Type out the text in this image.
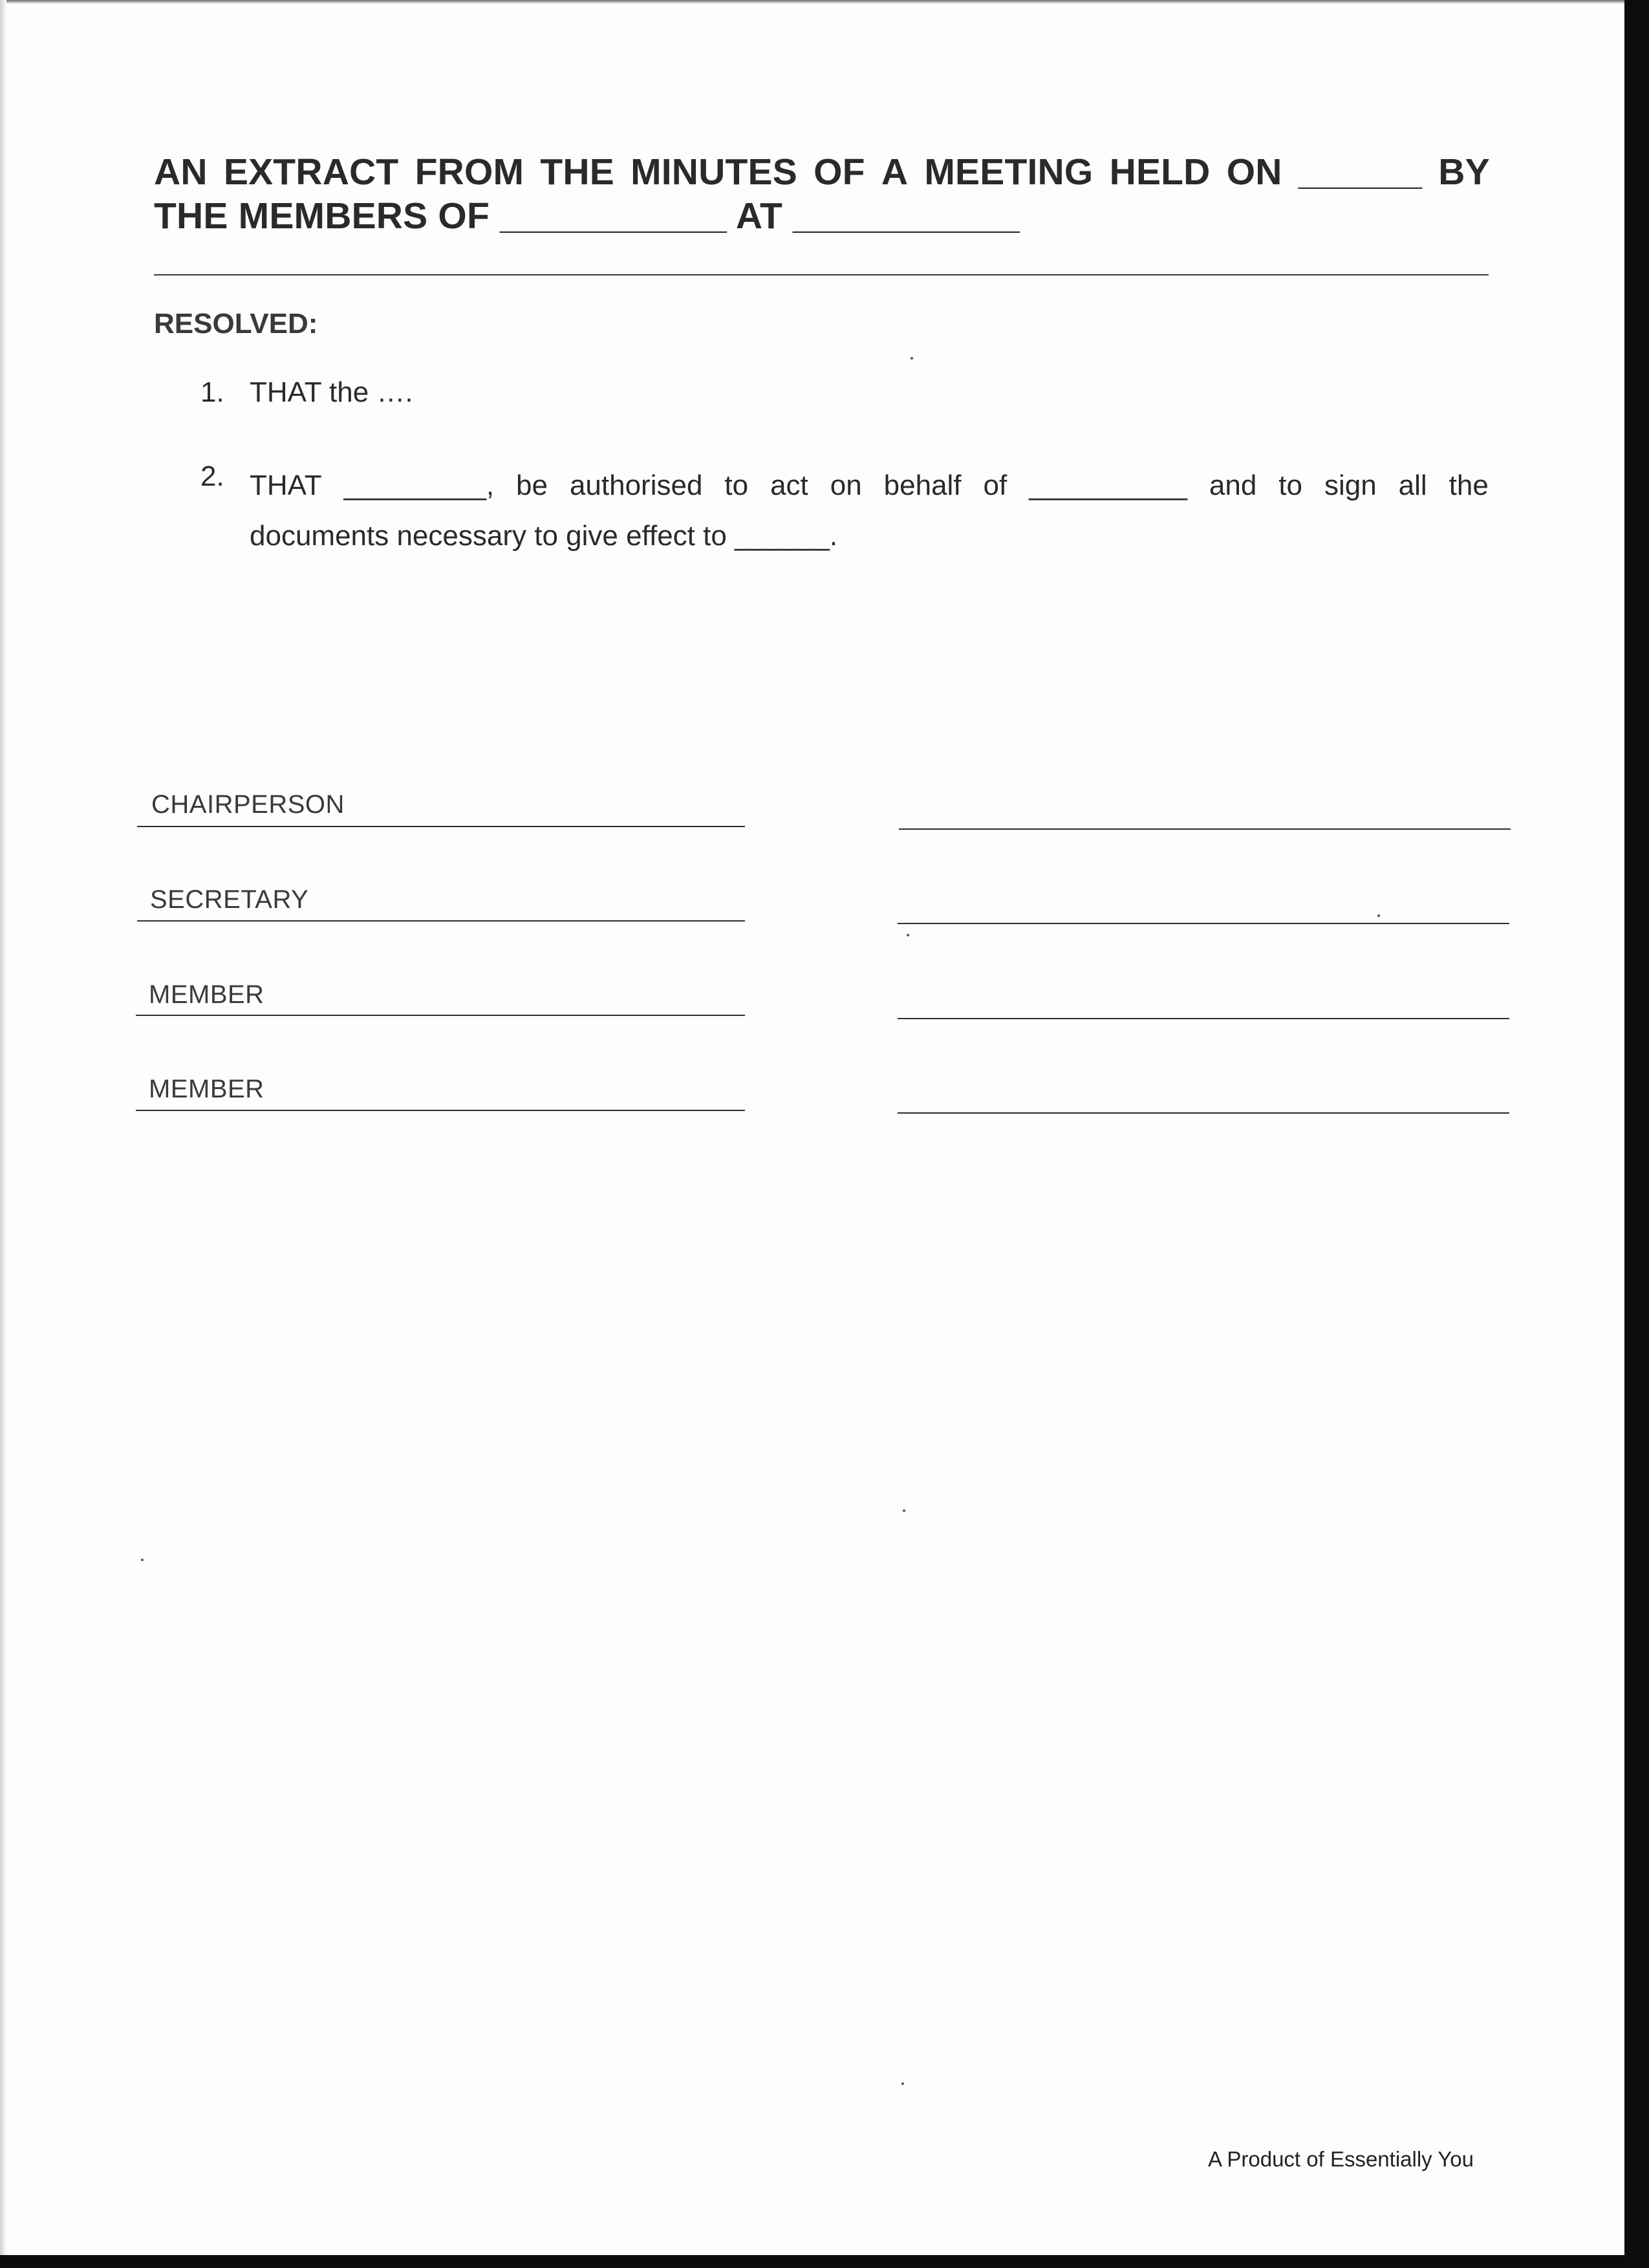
AN EXTRACT FROM THE MINUTES OF A MEETING HELD ON ______ BY
THE MEMBERS OF ___________ AT ___________
RESOLVED:
1. THAT the ….
2. THAT _________, be authorised to act on behalf of __________ and to sign all the
documents necessary to give effect to ______.
CHAIRPERSON
SECRETARY
MEMBER
MEMBER
A Product of Essentially You
